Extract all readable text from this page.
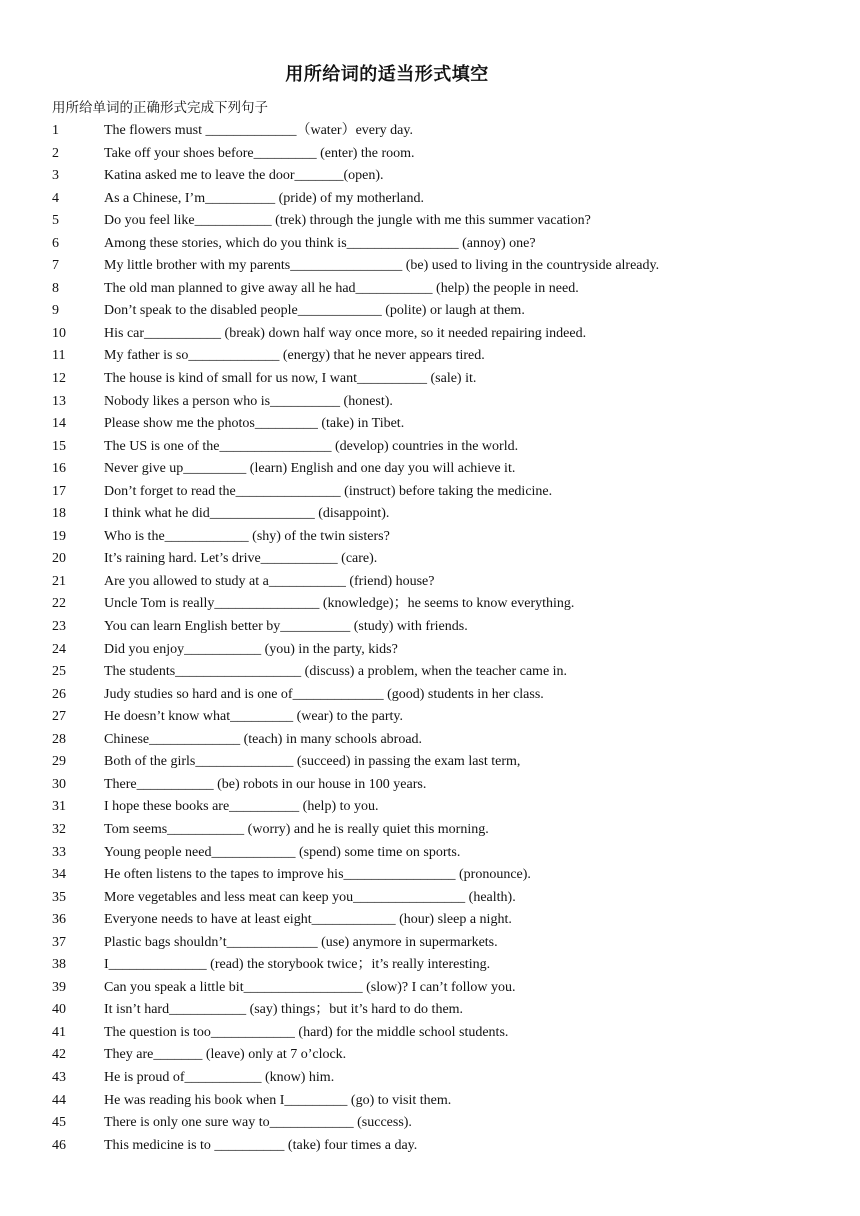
用所给词的适当形式填空
用所给单词的正确形式完成下列句子
1	The flowers must _____________（water）every day.
2	Take off your shoes before_________ (enter) the room.
3	Katina asked me to leave the door_______(open).
4	As a Chinese, I’m__________ (pride) of my motherland.
5	Do you feel like___________ (trek) through the jungle with me this summer vacation?
6	Among these stories, which do you think is________________ (annoy) one?
7	My little brother with my parents________________ (be) used to living in the countryside already.
8	The old man planned to give away all he had___________ (help) the people in need.
9	Don’t speak to the disabled people____________ (polite) or laugh at them.
10	His car___________ (break) down half way once more, so it needed repairing indeed.
11	My father is so_____________ (energy) that he never appears tired.
12	The house is kind of small for us now, I want__________ (sale) it.
13	Nobody likes a person who is__________ (honest).
14	Please show me the photos_________ (take) in Tibet.
15	The US is one of the________________ (develop) countries in the world.
16	Never give up_________ (learn) English and one day you will achieve it.
17	Don’t forget to read the_______________ (instruct) before taking the medicine.
18	I think what he did_______________ (disappoint).
19	Who is the____________ (shy) of the twin sisters?
20	It’s raining hard. Let’s drive___________ (care).
21	Are you allowed to study at a___________ (friend) house?
22	Uncle Tom is really_______________ (knowledge)；he seems to know everything.
23	You can learn English better by__________ (study) with friends.
24	Did you enjoy___________ (you) in the party, kids?
25	The students__________________ (discuss) a problem, when the teacher came in.
26	Judy studies so hard and is one of_____________ (good) students in her class.
27	He doesn’t know what_________ (wear) to the party.
28	Chinese_____________ (teach) in many schools abroad.
29	Both of the girls______________ (succeed) in passing the exam last term,
30	There___________ (be) robots in our house in 100 years.
31	I hope these books are__________ (help) to you.
32	Tom seems___________ (worry) and he is really quiet this morning.
33	Young people need____________ (spend) some time on sports.
34	He often listens to the tapes to improve his________________ (pronounce).
35	More vegetables and less meat can keep you________________ (health).
36	Everyone needs to have at least eight____________ (hour) sleep a night.
37	Plastic bags shouldn’t_____________ (use) anymore in supermarkets.
38	I______________ (read) the storybook twice；it’s really interesting.
39	Can you speak a little bit_________________ (slow)? I can’t follow you.
40	It isn’t hard___________ (say) things；but it’s hard to do them.
41	The question is too____________ (hard) for the middle school students.
42	They are_______ (leave) only at 7 o’clock.
43	He is proud of___________ (know) him.
44	He was reading his book when I_________ (go) to visit them.
45	There is only one sure way to____________ (success).
46	This medicine is to __________ (take) four times a day.
